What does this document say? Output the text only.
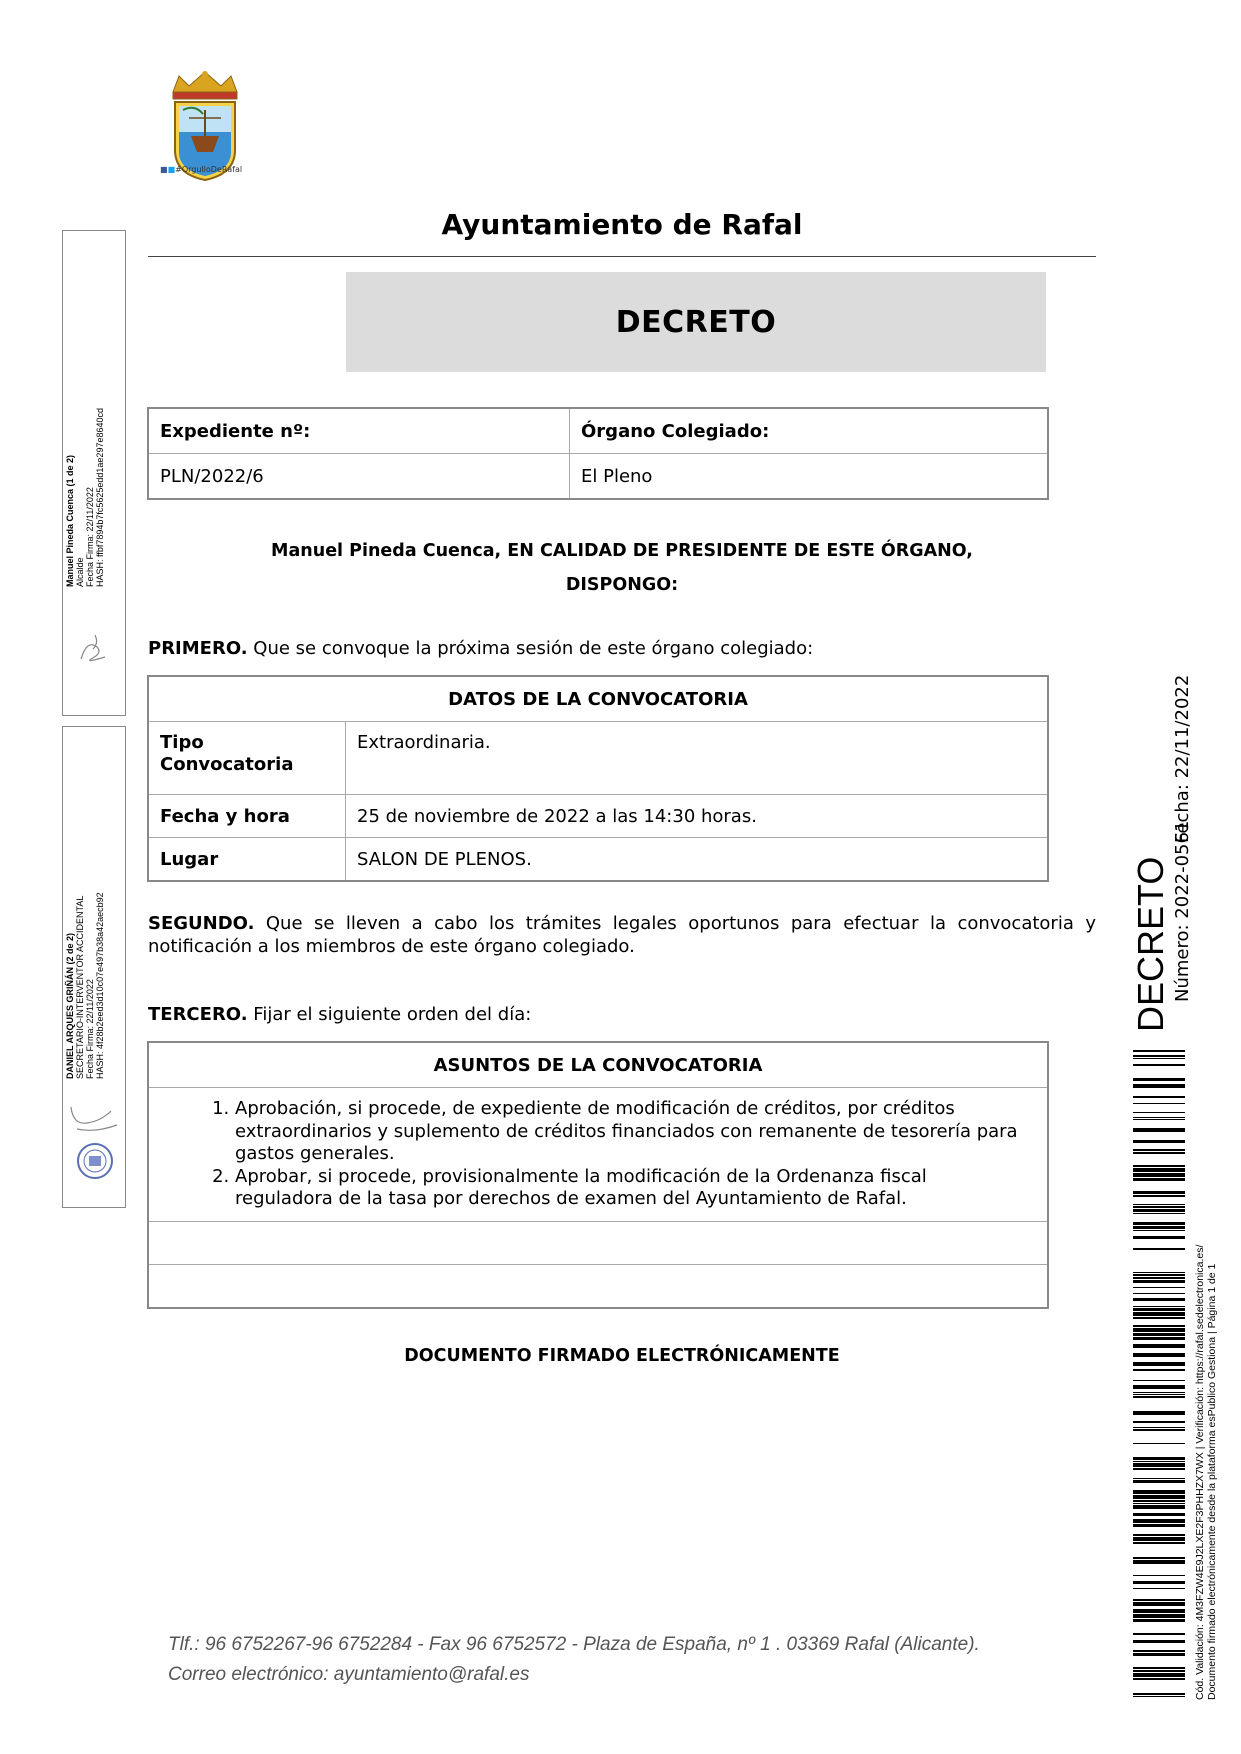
■■#OrgulloDeRafal
Ayuntamiento de Rafal
DECRETO
Expediente nº:	Órgano Colegiado:
PLN/2022/6	El Pleno
Manuel Pineda Cuenca, EN CALIDAD DE PRESIDENTE DE ESTE ÓRGANO,
DISPONGO:
PRIMERO. Que se convoque la próxima sesión de este órgano colegiado:
DATOS DE LA CONVOCATORIA	
Tipo Convocatoria	Extraordinaria.
Fecha y hora	25 de noviembre de 2022 a las 14:30 horas.
Lugar	SALON DE PLENOS.
SEGUNDO. Que se lleven a cabo los trámites legales oportunos para efectuar la convocatoria y notificación a los miembros de este órgano colegiado.
TERCERO. Fijar el siguiente orden del día:
ASUNTOS DE LA CONVOCATORIA

1. Aprobación, si procede, de expediente de modificación de créditos, por créditos extraordinarios y suplemento de créditos financiados con remanente de tesorería para gastos generales.
2. Aprobar, si procede, provisionalmente la modificación de la Ordenanza fiscal reguladora de la tasa por derechos de examen del Ayuntamiento de Rafal.

DOCUMENTO FIRMADO ELECTRÓNICAMENTE
Tlf.: 96 6752267-96 6752284 - Fax 96 6752572 - Plaza de España, nº 1 . 03369 Rafal (Alicante).
Correo electrónico: ayuntamiento@rafal.es
Manuel Pineda Cuenca (1 de 2) Alcalde Fecha Firma: 22/11/2022 HASH: ffbf7894b7fc5625edd1ae297e8640cd
DANIEL ARQUES GRIÑÁN (2 de 2) SECRETARIO-INTERVENTOR ACCIDENTAL Fecha Firma: 22/11/2022 HASH: 4f28b2eed3d10c07e497b38a42aecb92	DECRETO Número: 2022-0561
Fecha: 22/11/2022
Cód. Validación: 4M3FZW4E9J2LXE2F3PHHZX7WX | Verificación: https://rafal.sedelectronica.es/ Documento firmado electrónicamente desde la plataforma esPublico Gestiona | Página 1 de 1
